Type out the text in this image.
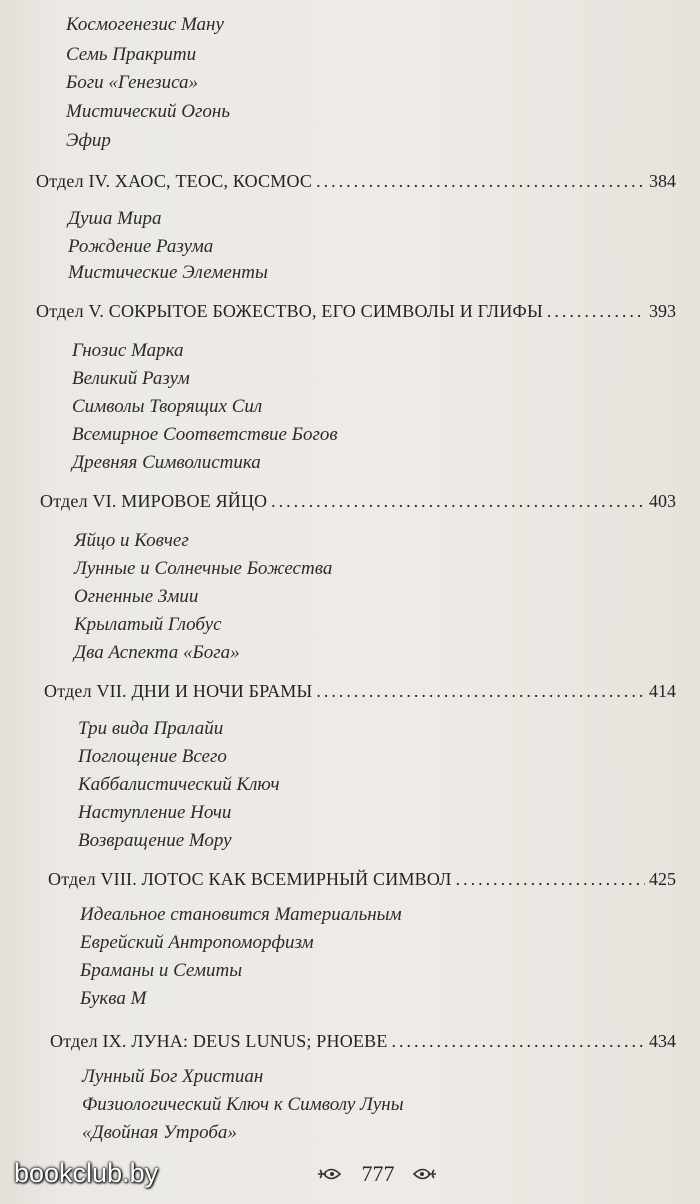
Космогенезис Ману
Семь Пракрити
Боги «Генезиса»
Мистический Огонь
Эфир
Отдел IV. ХАОС, ТЕОС, КОСМОС .....	384
Душа Мира
Рождение Разума
Мистические Элементы
Отдел V. СОКРЫТОЕ БОЖЕСТВО, ЕГО СИМВОЛЫ И ГЛИФЫ .....	393
Гнозис Марка
Великий Разум
Символы Творящих Сил
Всемирное Соответствие Богов
Древняя Символистика
Отдел VI. МИРОВОЕ ЯЙЦО .....	403
Яйцо и Ковчег
Лунные и Солнечные Божества
Огненные Змии
Крылатый Глобус
Два Аспекта «Бога»
Отдел VII. ДНИ И НОЧИ БРАМЫ .....	414
Три вида Пралайи
Поглощение Всего
Каббалистический Ключ
Наступление Ночи
Возвращение Мору
Отдел VIII. ЛОТОС КАК ВСЕМИРНЫЙ СИМВОЛ .....	425
Идеальное становится Материальным
Еврейский Антропоморфизм
Браманы и Семиты
Буква М
Отдел IX. ЛУНА: DEUS LUNUS; PHOEBE .....	434
Лунный Бог Христиан
Физиологический Ключ к Символу Луны
«Двойная Утроба»
777
bookclub.by
